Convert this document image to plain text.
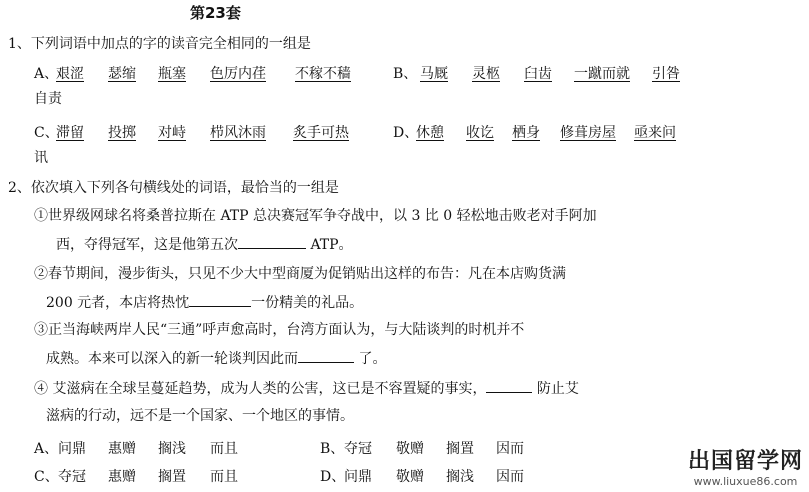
第23套
1、下列词语中加点的字的读音完全相同的一组是
A、
艰涩 瑟缩 瓶塞 色厉内荏 不稼不穑	B、 马厩 灵柩 臼齿 一蹴而就 引咎
自责
C、
滞留 投掷 对峙 栉风沐雨 炙手可热	D、
休憩 收讫 栖身 修葺房屋 亟来问
讯
2、依次填入下列各句横线处的词语，最恰当的一组是
①世界级网球名将桑普拉斯在 ATP 总决赛冠军争夺战中，以 3 比 0 轻松地击败老对手阿加
西，夺得冠军，这是他第五次	ATP。
②春节期间，漫步街头，只见不少大中型商厦为促销贴出这样的布告：凡在本店购货满
200 元者，本店将热忱	一份精美的礼品。
③正当海峡两岸人民“三通”呼声愈高时，台湾方面认为，与大陆谈判的时机并不
成熟。本来可以深入的新一轮谈判因此而	了。
④ 艾滋病在全球呈蔓延趋势，成为人类的公害，这已是不容置疑的事实，	防止艾
滋病的行动，远不是一个国家、一个地区的事情。
A、 问鼎 惠赠 搁浅 而且	B、 夺冠 敬赠 搁置 因而
C、 夺冠 惠赠 搁置 而且	D、
问鼎 敬赠 搁浅 因而
出国留学网
www.liuxue86.com
